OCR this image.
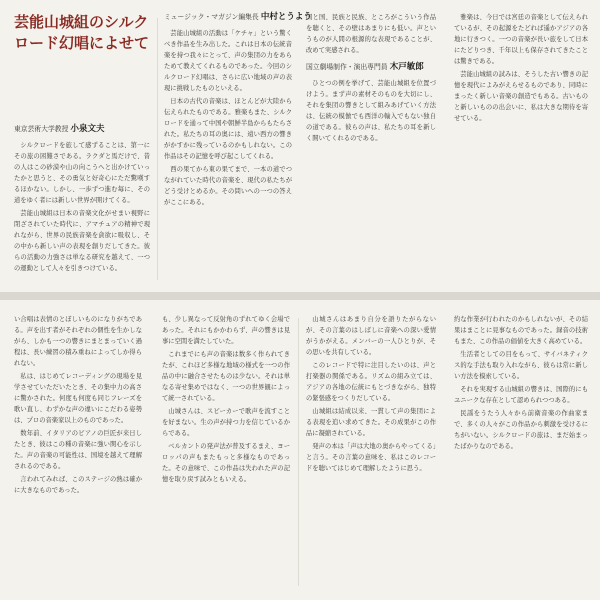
芸能山城組のシルクロード幻唱によせて
東京芸術大学教授 小泉文夫

シルクロードを旅して感ずることは、第一にその旅の困難さである。ラクダと馬だけで、昔の人はこの砂漠や山の向こうへと出かけていったかと思うと、その勇気と好奇心にただ驚嘆するほかない。しかし、一歩ずつ進む毎に、その道をゆく者には新しい世界が開けてくる。

芸能山城組は日本の音楽文化がせまい視野に閉ざされていた時代に、アマチュアの精神で現れながら、世界の民族音楽を貪欲に吸収し、その中から新しい声の表現を創りだしてきた。彼らの活動の力強さは単なる研究を越えて、一つの運動として人々を引きつけている。

ミュージック・マガジン編集長 中村とうよう

芸能山城組の活動は「ケチャ」という驚くべき作品を生み出した。これは日本の伝統音楽を持つ我々にとって、声の集団の力をあらためて教えてくれるものであった。今回のシルクロード幻唱は、さらに広い地域の声の表現に挑戦したものといえる。

日本の古代の音楽は、ほとんどが大陸から伝えられたものである。雅楽もまた、シルクロードを通って中国や朝鮮半島からもたらされた。私たちの耳の奥には、遠い西方の響きがかすかに残っているのかもしれない。この作品はその記憶を呼び起こしてくれる。

西の果てから東の果てまで、一本の道でつながれていた時代の音楽を、現代の私たちがどう受けとめるか。その問いへの一つの答えがここにある。

国と国、民族と民族、ところがこういう作品を聴くと、その壁はあまりにも低い。声というものが人間の根源的な表現であることが、改めて実感される。

国立劇場制作・演出専門員 木戸敏郎

ひとつの例を挙げて、芸能山城組を位置づけよう。まず声の素材そのものを大切にし、それを集団の響きとして組みあげていく方法は、伝統の模倣でも西洋の輸入でもない独自の道である。彼らの声は、私たちの耳を新しく開いてくれるのである。

雅楽は、今日では宮廷の音楽として伝えられているが、その起源をたどれば遥かアジアの各地に行きつく。一つの音楽が長い旅をして日本にたどりつき、千年以上も保存されてきたことは驚きである。

芸能山城組の試みは、そうした古い響きの記憶を現代によみがえらせるものであり、同時にまったく新しい音楽の創造でもある。古いものと新しいものの出会いに、私は大きな期待を寄せている。

い合唱は表情のとぼしいものになりがちである。声を出す者がそれぞれの個性を生かしながら、しかも一つの響きにまとまっていく過程は、長い練習の積み重ねによってしか得られない。

私は、はじめてレコーディングの現場を見学させていただいたとき、その集中力の高さに驚かされた。何度も何度も同じフレーズを歌い直し、わずかな声の違いにこだわる姿勢は、プロの音楽家以上のものであった。

数年前、イタリアのピアノの巨匠が来日したとき、彼はこの種の音楽に強い関心を示した。声の音楽の可能性は、国境を越えて理解されるのである。

言われてみれば、このステージの熱は確かに大きなものであった。

も、少し異なって反射角のずれてゆく会場であった。それにもかかわらず、声の響きは見事に空間を満たしていた。

これまでにも声の音楽は数多く作られてきたが、これほど多様な地域の様式を一つの作品の中に融合させたものは少ない。それは単なる寄せ集めではなく、一つの世界観によって統一されている。

山城さんは、スピーカーで歌声を流すことを好まない。生の声が持つ力を信じているからである。

ベルカントの発声法が普及するまえ、ヨーロッパの声もまたもっと多様なものであった。その意味で、この作品は失われた声の記憶を取り戻す試みともいえる。

山城さんはあまり自分を語りたがらないが、その言葉のはしばしに音楽への深い愛情がうかがえる。メンバーの一人ひとりが、その思いを共有している。

このレコードで特に注目したいのは、声と打楽器の関係である。リズムの組み立ては、アジアの各地の伝統にもとづきながら、独特の緊張感をつくりだしている。

山城組は結成以来、一貫して声の集団による表現を追い求めてきた。その成果がこの作品に凝縮されている。

発声の本は「声は大地の奥からやってくる」と言う。その言葉の意味を、私はこのレコードを聴いてはじめて理解したように思う。

約な作業が行われたのかもしれないが、その結果はまことに見事なものであった。録音の技術もまた、この作品の価値を大きく高めている。

生活者としての目をもって、サイバネティクス的な手法も取り入れながら、彼らは常に新しい方法を模索している。

それを実現する山城組の響きは、国際的にもユニークな存在として認められつつある。

民謡をうたう人々から前衛音楽の作曲家まで、多くの人々がこの作品から刺激を受けるにちがいない。シルクロードの旅は、まだ始まったばかりなのである。
